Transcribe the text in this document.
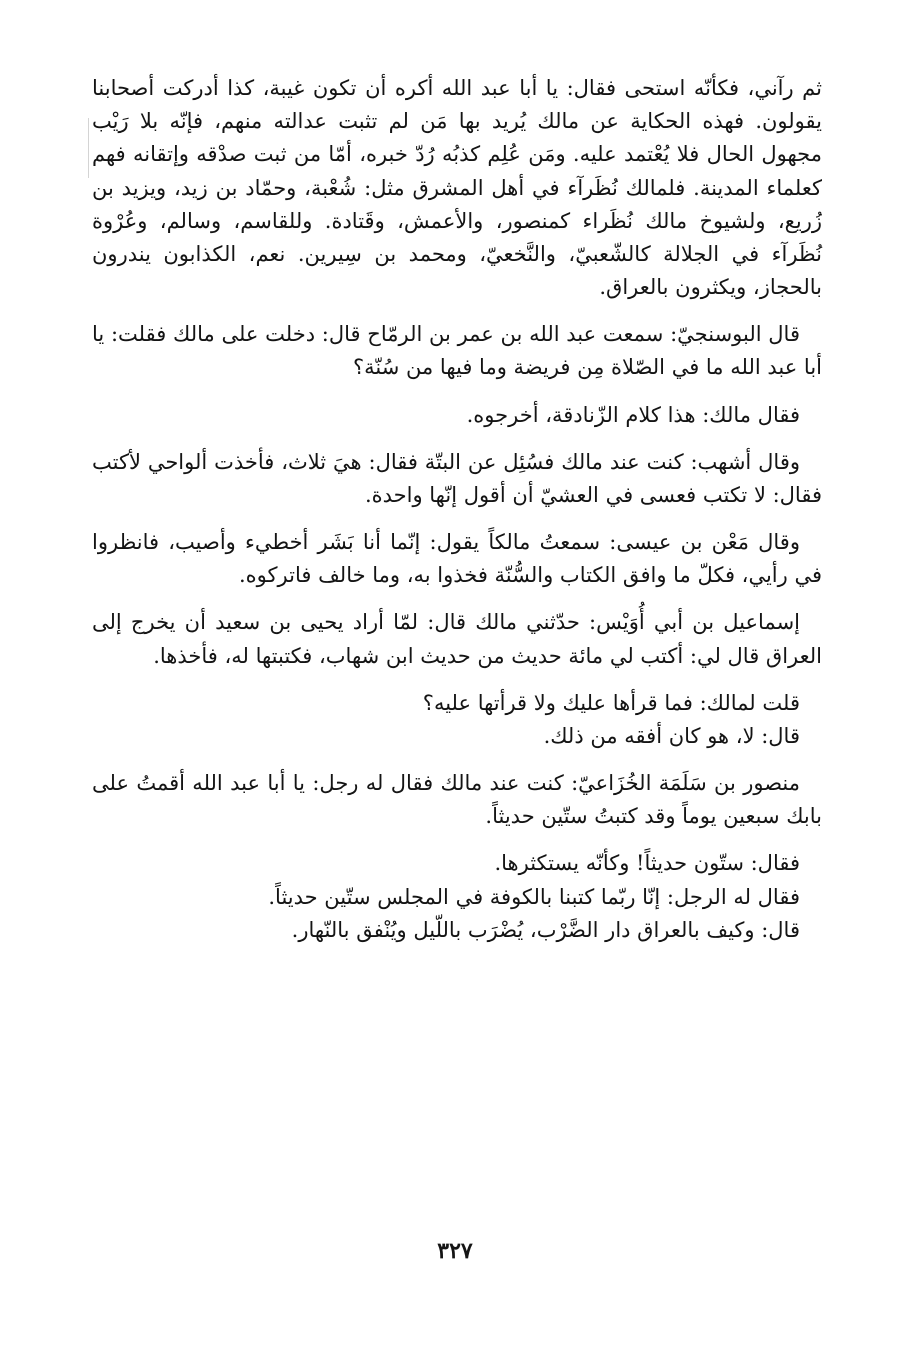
ثم رآني، فكأنّه استحى فقال: يا أبا عبد الله أكره أن تكون غيبة، كذا أدركت أصحابنا يقولون. فهذه الحكاية عن مالك يُريد بها مَن لم تثبت عدالته منهم، فإنّه بلا رَيْب مجهول الحال فلا يُعْتمد عليه. ومَن عُلِم كذبُه رُدّ خبره، أمّا من ثبت صدْقه وإتقانه فهم كعلماء المدينة. فلمالك نُظَرآء في أهل المشرق مثل: شُعْبة، وحمّاد بن زيد، ويزيد بن زُريع، ولشيوخ مالك نُظَراء كمنصور، والأعمش، وقَتادة. وللقاسم، وسالم، وعُرْوة نُظَرآء في الجلالة كالشّعبيّ، والنَّخعيّ، ومحمد بن سِيرين. نعم، الكذابون يندرون بالحجاز، ويكثرون بالعراق.

قال البوسنجيّ: سمعت عبد الله بن عمر بن الرمّاح قال: دخلت على مالك فقلت: يا أبا عبد الله ما في الصّلاة مِن فريضة وما فيها من سُنّة؟

فقال مالك: هذا كلام الزّنادقة، أخرجوه.

وقال أشهب: كنت عند مالك فسُئِل عن البتّة فقال: هيَ ثلاث، فأخذت ألواحي لأكتب فقال: لا تكتب فعسى في العشيّ أن أقول إنّها واحدة.

وقال مَعْن بن عيسى: سمعتُ مالكاً يقول: إنّما أنا بَشَر أخطيء وأصيب، فانظروا في رأيي، فكلّ ما وافق الكتاب والسُّنّة فخذوا به، وما خالف فاتركوه.

إسماعيل بن أبي أُوَيْس: حدّثني مالك قال: لمّا أراد يحيى بن سعيد أن يخرج إلى العراق قال لي: أكتب لي مائة حديث من حديث ابن شهاب، فكتبتها له، فأخذها.

قلت لمالك: فما قرأها عليك ولا قرأتها عليه؟
قال: لا، هو كان أفقه من ذلك.

منصور بن سَلَمَة الخُزَاعيّ: كنت عند مالك فقال له رجل: يا أبا عبد الله أقمتُ على بابك سبعين يوماً وقد كتبتُ ستّين حديثاً.

فقال: ستّون حديثاً! وكأنّه يستكثرها.
فقال له الرجل: إنّا ربّما كتبنا بالكوفة في المجلس ستّين حديثاً.
قال: وكيف بالعراق دار الضَّرْب، يُضْرَب باللّيل ويُنْفق بالنّهار.
٣٢٧
